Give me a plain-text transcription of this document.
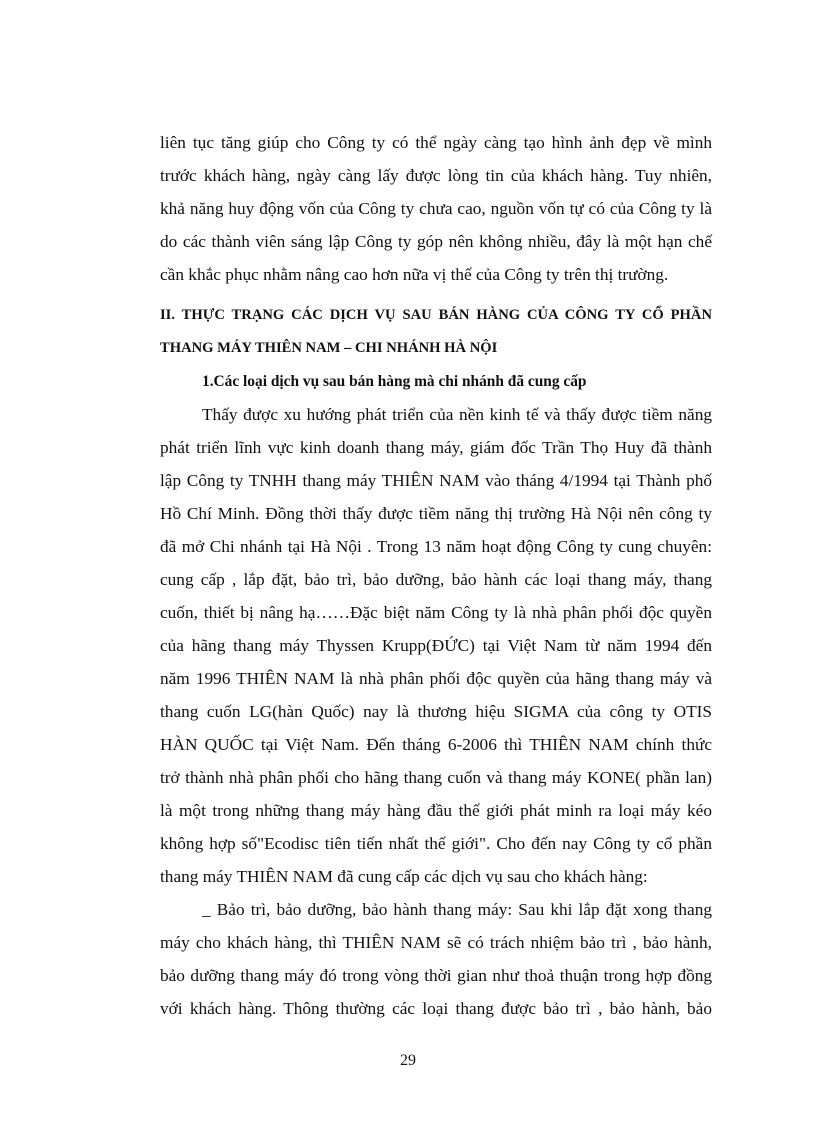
liên tục tăng giúp cho Công ty có thể ngày càng tạo hình ảnh đẹp về mình
trước khách hàng, ngày càng lấy được lòng tin của khách hàng. Tuy nhiên,
khả năng huy động vốn của Công ty chưa cao, nguồn vốn tự có của Công ty là
do các thành viên sáng lập Công ty góp nên không nhiều, đây là một hạn chế
cần khắc phục nhằm nâng cao hơn nữa vị thế của Công ty trên thị trường.
II. THỰC TRẠNG CÁC DỊCH VỤ SAU BÁN HÀNG CỦA CÔNG TY CỔ PHẦN
THANG MÁY THIÊN NAM – CHI NHÁNH HÀ NỘI
1.Các loại dịch vụ sau bán hàng mà chi nhánh đã cung cấp
Thấy được xu hướng phát triển của nền kinh tế và thấy được tiềm năng
phát triển lĩnh vực kinh doanh thang máy, giám đốc Trần Thọ Huy đã thành
lập Công ty TNHH thang máy THIÊN NAM vào tháng 4/1994 tại Thành phố
Hồ Chí Minh. Đồng thời thấy được tiềm năng thị trường Hà Nội nên công ty
đã mở Chi nhánh tại Hà Nội . Trong 13 năm hoạt động Công ty cung chuyên:
cung cấp , lắp đặt, bảo trì, bảo dưỡng, bảo hành các loại thang máy, thang
cuốn, thiết bị nâng hạ……Đặc biệt năm Công ty là nhà phân phối độc quyền
của hãng thang máy Thyssen Krupp(ĐỨC) tại Việt Nam từ năm 1994 đến
năm 1996 THIÊN NAM là nhà phân phối độc quyền của hãng thang máy và
thang cuốn LG(hàn Quốc) nay là thương hiệu SIGMA của công ty OTIS
HÀN QUỐC tại Việt Nam. Đến tháng 6-2006 thì THIÊN NAM chính thức
trở thành nhà phân phối cho hãng thang cuốn và thang máy KONE( phần lan)
là một trong những thang máy hàng đầu thế giới phát minh ra loại máy kéo
không hợp số"Ecodisc tiên tiến nhất thế giới". Cho đến nay Công ty cổ phần
thang máy THIÊN NAM đã cung cấp các dịch vụ sau cho khách hàng:
_ Bảo trì, bảo dưỡng, bảo hành thang máy: Sau khi lắp đặt xong thang
máy cho khách hàng, thì THIÊN NAM sẽ có trách nhiệm bảo trì , bảo hành,
bảo dưỡng thang máy đó trong vòng thời gian như thoả thuận trong hợp đồng
với khách hàng. Thông thường các loại thang được bảo trì , bảo hành, bảo
29
